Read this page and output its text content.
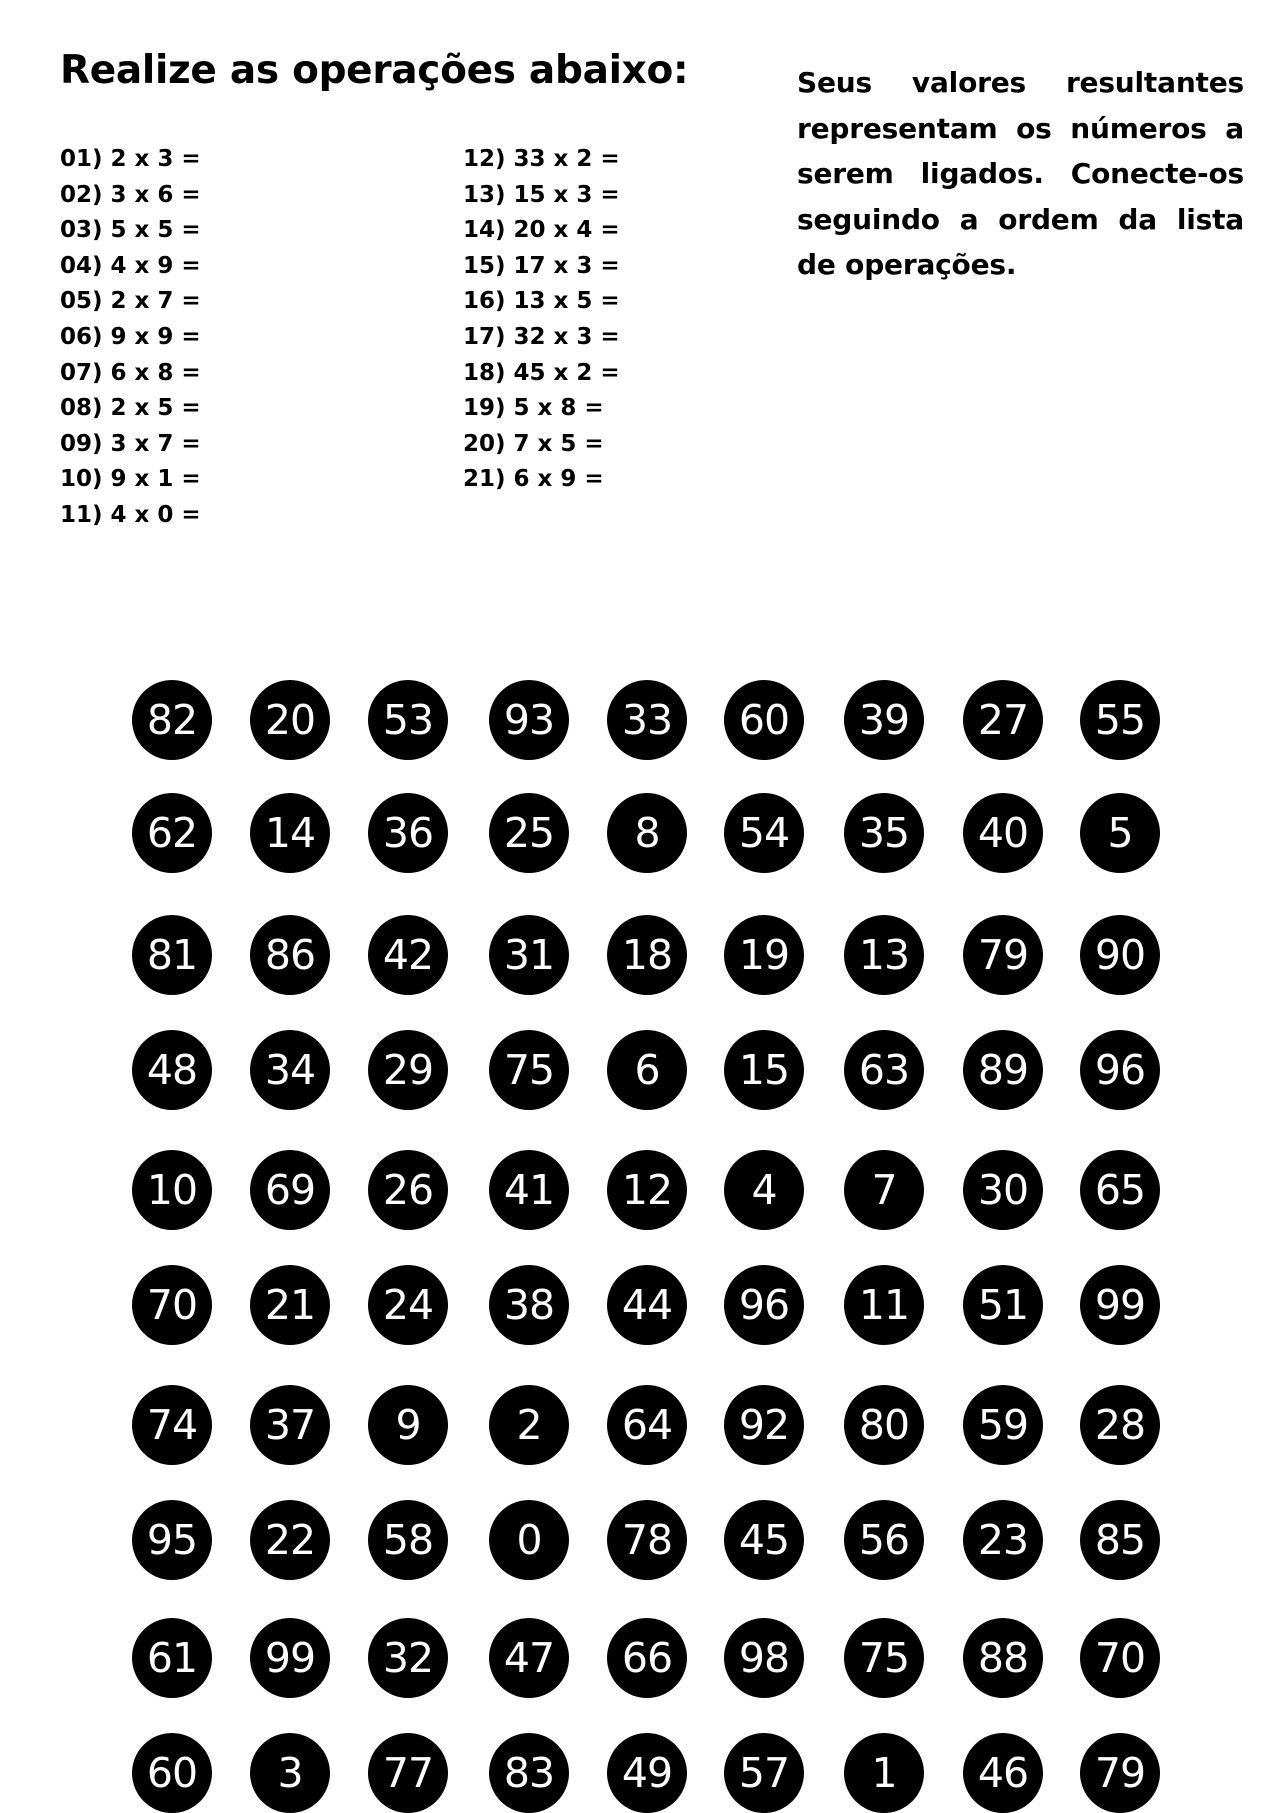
Realize as operações abaixo:
01) 2 x 3 =
02) 3 x 6 =
03) 5 x 5 =
04) 4 x 9 =
05) 2 x 7 =
06) 9 x 9 =
07) 6 x 8 =
08) 2 x 5 =
09) 3 x 7 =
10) 9 x 1 =
11) 4 x 0 =
12) 33 x 2 =
13) 15 x 3 =
14) 20 x 4 =
15) 17 x 3 =
16) 13 x 5 =
17) 32 x 3 =
18) 45 x 2 =
19) 5 x 8 =
20) 7 x 5 =
21) 6 x 9 =

Seus valores resultantes representam os números a serem ligados. Conecte-os seguindo a ordem da lista de operações.

82	20	53	93	33	60	39	27	55
62	14	36	25	8	54	35	40	5
81	86	42	31	18	19	13	79	90
48	34	29	75	6	15	63	89	96
10	69	26	41	12	4	7	30	65
70	21	24	38	44	96	11	51	99
74	37	9	2	64	92	80	59	28
95	22	58	0	78	45	56	23	85
61	99	32	47	66	98	75	88	70
60	3	77	83	49	57	1	46	79
